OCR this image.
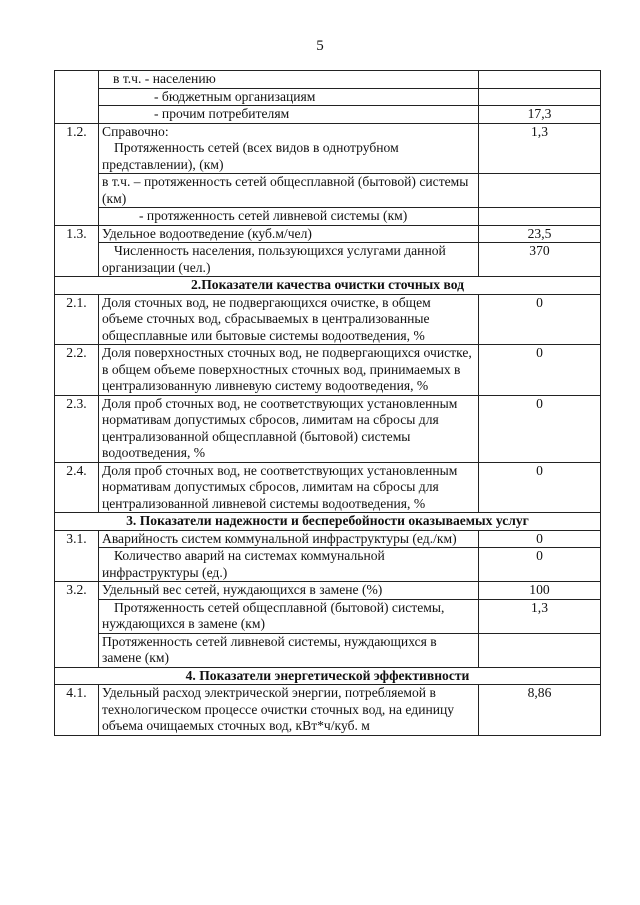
5
	в т.ч. - населению	
	- бюджетным организациям	
	- прочим потребителям	17,3
1.2.	Справочно:
Протяженность сетей (всех видов в однотрубном представлении), (км)	1,3
	в т.ч. – протяженность сетей общесплавной (бытовой) системы (км)	
	- протяженность сетей ливневой системы (км)	
1.3.	Удельное водоотведение (куб.м/чел)	23,5
	Численность населения, пользующихся услугами данной организации (чел.)	370
2.Показатели качества очистки сточных вод		
2.1.	Доля сточных вод, не подвергающихся очистке, в общем объеме сточных вод, сбрасываемых в централизованные общесплавные или бытовые системы водоотведения, %	0
2.2.	Доля поверхностных сточных вод, не подвергающихся очистке, в общем объеме поверхностных сточных вод, принимаемых в централизованную ливневую систему водоотведения, %	0
2.3.	Доля проб сточных вод, не соответствующих установленным нормативам допустимых сбросов, лимитам на сбросы для централизованной общесплавной (бытовой) системы водоотведения, %	0
2.4.	Доля проб сточных вод, не соответствующих установленным нормативам допустимых сбросов, лимитам на сбросы для централизованной ливневой системы водоотведения, %	0
3. Показатели надежности и бесперебойности оказываемых услуг		
3.1.	Аварийность систем коммунальной инфраструктуры (ед./км)	0
	Количество аварий на системах коммунальной инфраструктуры (ед.)	0
3.2.	Удельный вес сетей, нуждающихся в замене (%)	100
	Протяженность сетей общесплавной (бытовой) системы, нуждающихся в замене (км)	1,3
	Протяженность сетей ливневой системы, нуждающихся в замене (км)	
4. Показатели энергетической эффективности		
4.1.	Удельный расход электрической энергии, потребляемой в технологическом процессе очистки сточных вод, на единицу объема очищаемых сточных вод, кВт*ч/куб. м	8,86
